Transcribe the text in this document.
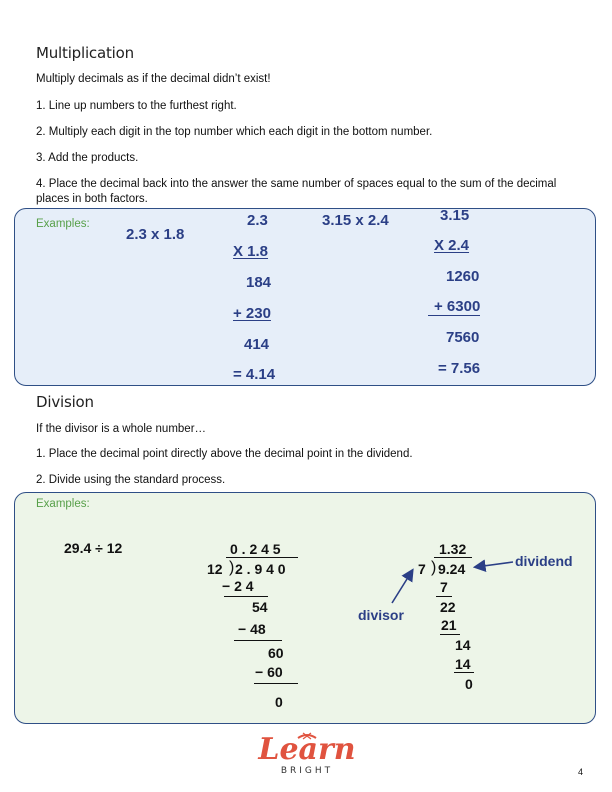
Multiplication
Multiply decimals as if the decimal didn’t exist!
1. Line up numbers to the furthest right.
2. Multiply each digit in the top number which each digit in the bottom number.
3. Add the products.
4. Place the decimal back into the answer the same number of spaces equal to the sum of the decimal places in both factors.
Examples:
2.3 x 1.8
2.3
X 1.8
184
+ 230
414
= 4.14
3.15 x 2.4	3.15
X 2.4
1260
+ 6300
7560
= 7.56
Division
If the divisor is a whole number…
1. Place the decimal point directly above the decimal point in the dividend.
2. Divide using the standard process.
Examples:
29.4 ÷ 12	0 . 2 4 5
12 ) 2 . 9 4 0
− 2 4
54
− 48
60
− 60
0
1.32
7 ) 9.24
7
22
21
14
14
0
dividend
divisor
Learn
BRIGHT	4
